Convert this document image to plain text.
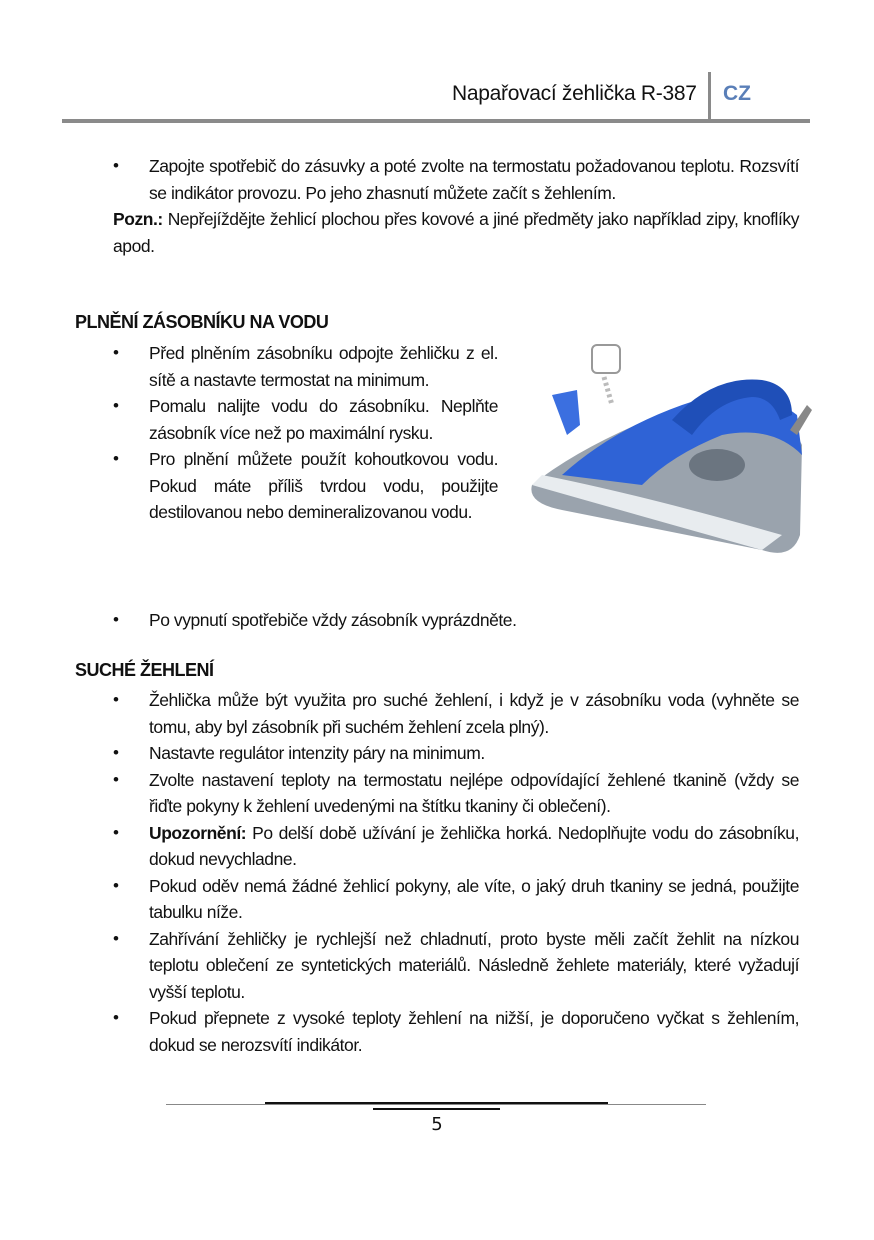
Napařovací žehlička R-387 CZ
• Zapojte spotřebič do zásuvky a poté zvolte na termostatu požadovanou teplotu. Rozsvítí se indikátor provozu. Po jeho zhasnutí můžete začít s žehlením.
Pozn.: Nepřejíždějte žehlicí plochou přes kovové a jiné předměty jako například zipy, knoflíky apod.
PLNĚNÍ ZÁSOBNÍKU NA VODU
• Před plněním zásobníku odpojte žehličku z el. sítě a nastavte termostat na minimum.
• Pomalu nalijte vodu do zásobníku. Neplňte zásobník více než po maximální rysku.
• Pro plnění můžete použít kohoutkovou vodu. Pokud máte příliš tvrdou vodu, použijte destilovanou nebo demineralizovanou vodu.
• Po vypnutí spotřebiče vždy zásobník vyprázdněte.
SUCHÉ ŽEHLENÍ
• Žehlička může být využita pro suché žehlení, i když je v zásobníku voda (vyhněte se tomu, aby byl zásobník při suchém žehlení zcela plný).
• Nastavte regulátor intenzity páry na minimum.
• Zvolte nastavení teploty na termostatu nejlépe odpovídající žehlené tkanině (vždy se řiďte pokyny k žehlení uvedenými na štítku tkaniny či oblečení).
• Upozornění: Po delší době užívání je žehlička horká. Nedoplňujte vodu do zásobníku, dokud nevychladne.
• Pokud oděv nemá žádné žehlicí pokyny, ale víte, o jaký druh tkaniny se jedná, použijte tabulku níže.
• Zahřívání žehličky je rychlejší než chladnutí, proto byste měli začít žehlit na nízkou teplotu oblečení ze syntetických materiálů. Následně žehlete materiály, které vyžadují vyšší teplotu.
• Pokud přepnete z vysoké teploty žehlení na nižší, je doporučeno vyčkat s žehlením, dokud se nerozsvítí indikátor.
5
